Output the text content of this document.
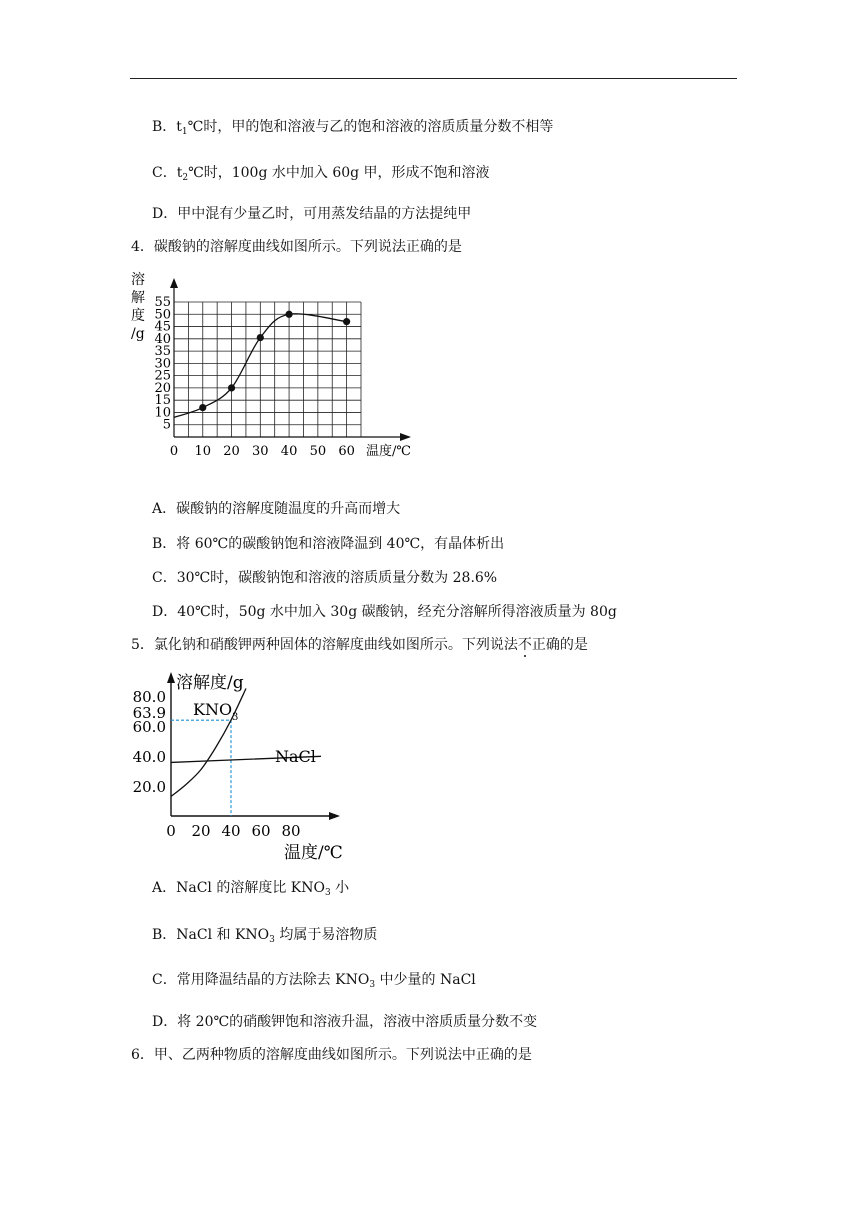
B．$t_1℃$时，甲的饱和溶液与乙的饱和溶液的溶质质量分数不相等
C．$t_2℃$时，100g 水中加入 60g 甲，形成不饱和溶液
D．甲中混有少量乙时，可用蒸发结晶的方法提纯甲
4．碳酸钠的溶解度曲线如图所示。下列说法正确的是
5
10
15
20
25
30
35
40
45
50
55
0 10 20 30 40 50 60 温度/℃
溶
解
度
/g
A．碳酸钠的溶解度随温度的升高而增大
B．将 60℃的碳酸钠饱和溶液降温到 40℃，有晶体析出
C．30℃时，碳酸钠饱和溶液的溶质质量分数为 28.6%
D．40℃时，50g 水中加入 30g 碳酸钠，经充分溶解所得溶液质量为 80g
5．氯化钠和硝酸钾两种固体的溶解度曲线如图所示。下列说法不正确的是
溶解度/g
温度/℃
20.0
40.0
60.0
63.9
80.0
0 20 40 60 80
KNO 3
NaCl
A．NaCl 的溶解度比 $KNO_3$ 小
B．NaCl 和 $KNO_3$ 均属于易溶物质
C．常用降温结晶的方法除去 $KNO_3$ 中少量的 NaCl
D．将 20℃的硝酸钾饱和溶液升温，溶液中溶质质量分数不变
6．甲、乙两种物质的溶解度曲线如图所示。下列说法中正确的是
